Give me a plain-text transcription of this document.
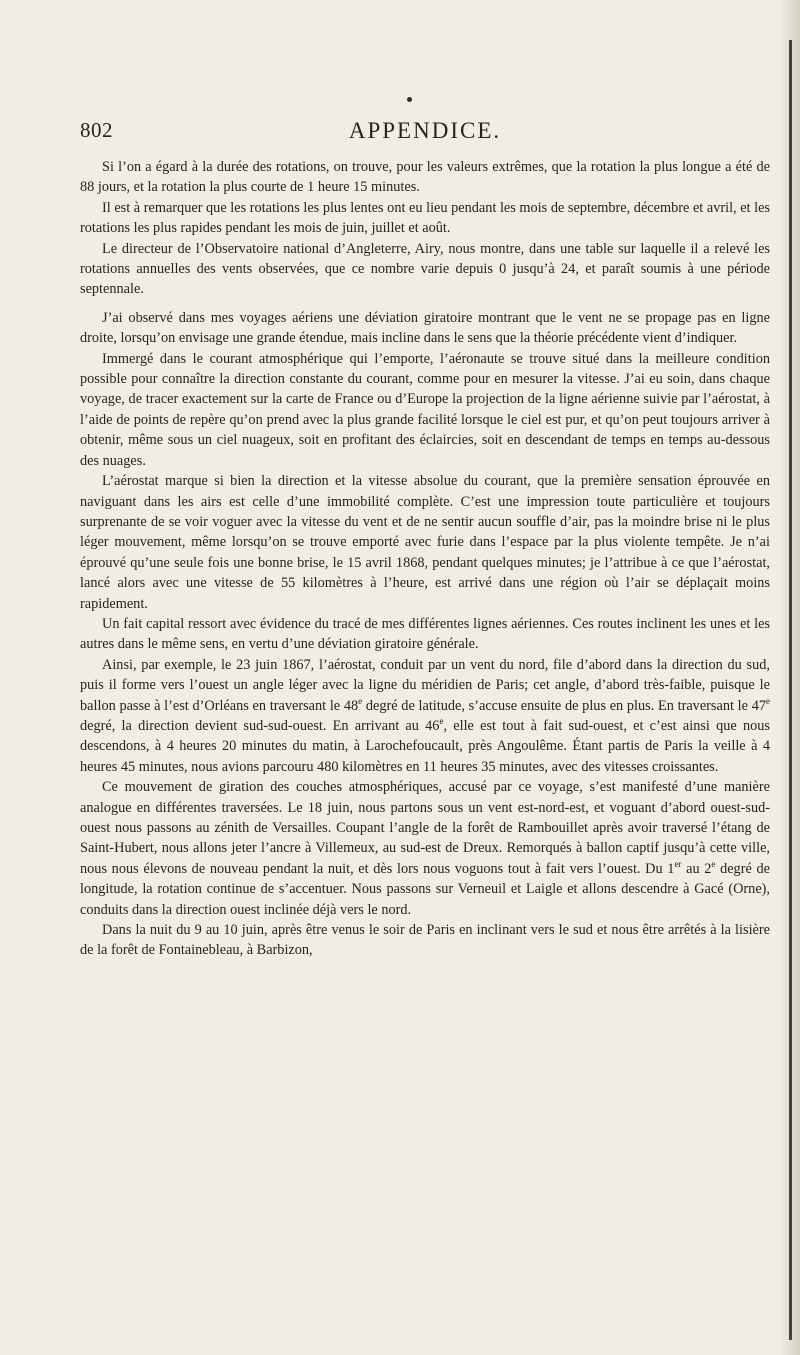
802	APPENDICE.

Si l’on a égard à la durée des rotations, on trouve, pour les valeurs extrêmes, que la rotation la plus longue a été de 88 jours, et la rotation la plus courte de 1 heure 15 minutes.

Il est à remarquer que les rotations les plus lentes ont eu lieu pendant les mois de septembre, décembre et avril, et les rotations les plus rapides pendant les mois de juin, juillet et août.

Le directeur de l’Observatoire national d’Angleterre, Airy, nous montre, dans une table sur laquelle il a relevé les rotations annuelles des vents observées, que ce nombre varie depuis 0 jusqu’à 24, et paraît soumis à une période septennale.

J’ai observé dans mes voyages aériens une déviation giratoire montrant que le vent ne se propage pas en ligne droite, lorsqu’on envisage une grande étendue, mais incline dans le sens que la théorie précédente vient d’indiquer.

Immergé dans le courant atmosphérique qui l’emporte, l’aéronaute se trouve situé dans la meilleure condition possible pour connaître la direction constante du courant, comme pour en mesurer la vitesse. J’ai eu soin, dans chaque voyage, de tracer exactement sur la carte de France ou d’Europe la projection de la ligne aérienne suivie par l’aérostat, à l’aide de points de repère qu’on prend avec la plus grande facilité lorsque le ciel est pur, et qu’on peut toujours arriver à obtenir, même sous un ciel nuageux, soit en profitant des éclaircies, soit en descendant de temps en temps au-dessous des nuages.

L’aérostat marque si bien la direction et la vitesse absolue du courant, que la première sensation éprouvée en naviguant dans les airs est celle d’une immobilité complète. C’est une impression toute particulière et toujours surprenante de se voir voguer avec la vitesse du vent et de ne sentir aucun souffle d’air, pas la moindre brise ni le plus léger mouvement, même lorsqu’on se trouve emporté avec furie dans l’espace par la plus violente tempête. Je n’ai éprouvé qu’une seule fois une bonne brise, le 15 avril 1868, pendant quelques minutes; je l’attribue à ce que l’aérostat, lancé alors avec une vitesse de 55 kilomètres à l’heure, est arrivé dans une région où l’air se déplaçait moins rapidement.

Un fait capital ressort avec évidence du tracé de mes différentes lignes aériennes. Ces routes inclinent les unes et les autres dans le même sens, en vertu d’une déviation giratoire générale.

Ainsi, par exemple, le 23 juin 1867, l’aérostat, conduit par un vent du nord, file d’abord dans la direction du sud, puis il forme vers l’ouest un angle léger avec la ligne du méridien de Paris; cet angle, d’abord très-faible, puisque le ballon passe à l’est d’Orléans en traversant le 48e degré de latitude, s’accuse ensuite de plus en plus. En traversant le 47e degré, la direction devient sud-sud-ouest. En arrivant au 46e, elle est tout à fait sud-ouest, et c’est ainsi que nous descendons, à 4 heures 20 minutes du matin, à Larochefoucault, près Angoulême. Étant partis de Paris la veille à 4 heures 45 minutes, nous avions parcouru 480 kilomètres en 11 heures 35 minutes, avec des vitesses croissantes.

Ce mouvement de giration des couches atmosphériques, accusé par ce voyage, s’est manifesté d’une manière analogue en différentes traversées. Le 18 juin, nous partons sous un vent est-nord-est, et voguant d’abord ouest-sud-ouest nous passons au zénith de Versailles. Coupant l’angle de la forêt de Rambouillet après avoir traversé l’étang de Saint-Hubert, nous allons jeter l’ancre à Villemeux, au sud-est de Dreux. Remorqués à ballon captif jusqu’à cette ville, nous nous élevons de nouveau pendant la nuit, et dès lors nous voguons tout à fait vers l’ouest. Du 1er au 2e degré de longitude, la rotation continue de s’accentuer. Nous passons sur Verneuil et Laigle et allons descendre à Gacé (Orne), conduits dans la direction ouest inclinée déjà vers le nord.

Dans la nuit du 9 au 10 juin, après être venus le soir de Paris en inclinant vers le sud et nous être arrêtés à la lisière de la forêt de Fontainebleau, à Barbizon,
